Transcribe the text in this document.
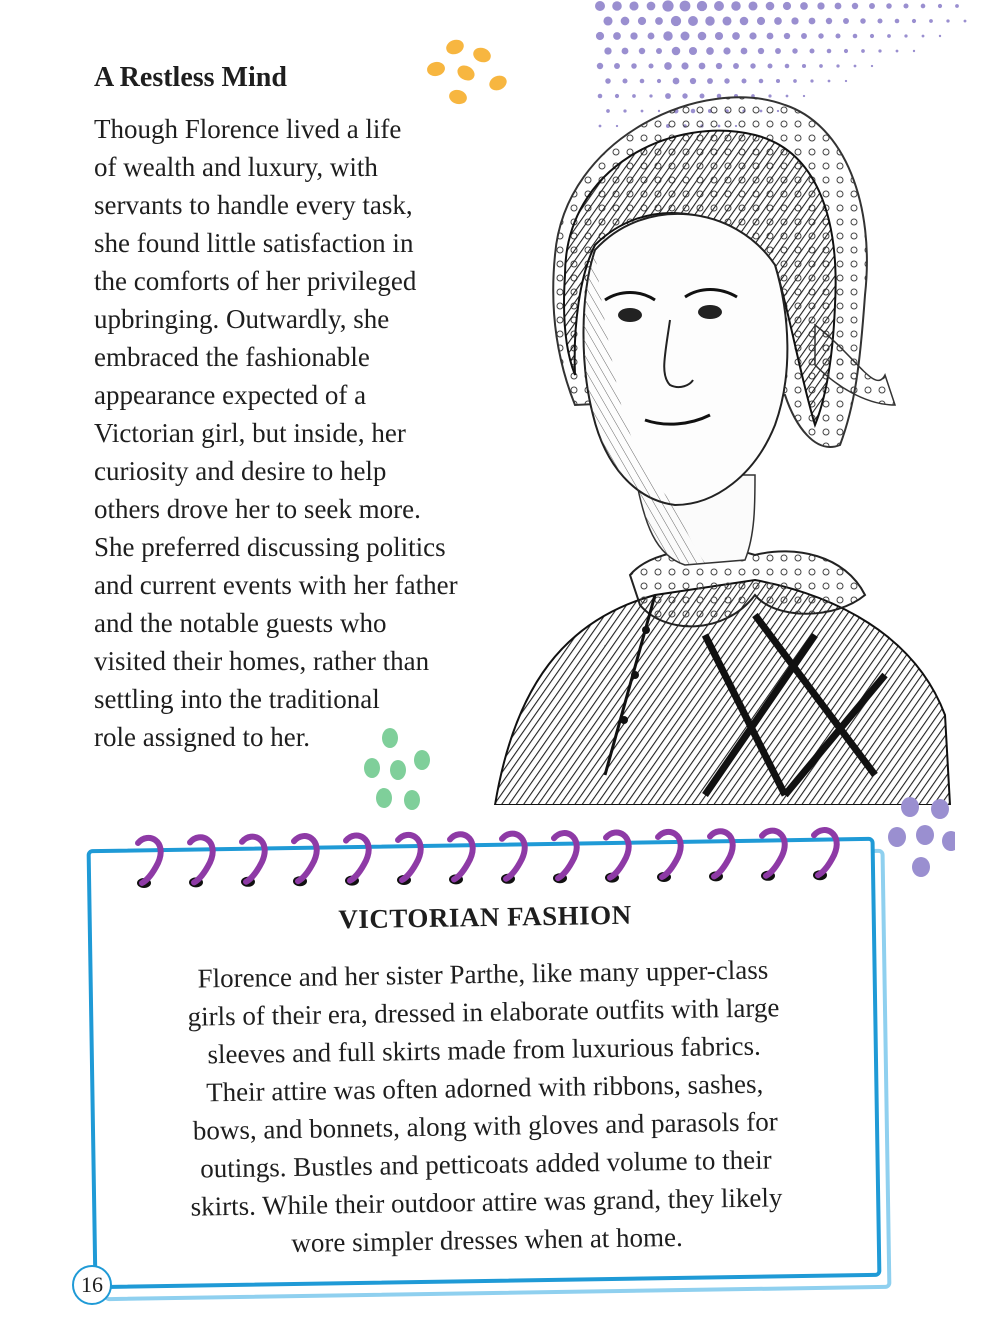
A Restless Mind

Though Florence lived a life
of wealth and luxury, with
servants to handle every task,
she found little satisfaction in
the comforts of her privileged
upbringing. Outwardly, she
embraced the fashionable
appearance expected of a
Victorian girl, but inside, her
curiosity and desire to help
others drove her to seek more.
She preferred discussing politics
and current events with her father
and the notable guests who
visited their homes, rather than
settling into the traditional
role assigned to her.

VICTORIAN FASHION

Florence and her sister Parthe, like many upper-class
girls of their era, dressed in elaborate outfits with large
sleeves and full skirts made from luxurious fabrics.
Their attire was often adorned with ribbons, sashes,
bows, and bonnets, along with gloves and parasols for
outings. Bustles and petticoats added volume to their
skirts. While their outdoor attire was grand, they likely
wore simpler dresses when at home.

16
